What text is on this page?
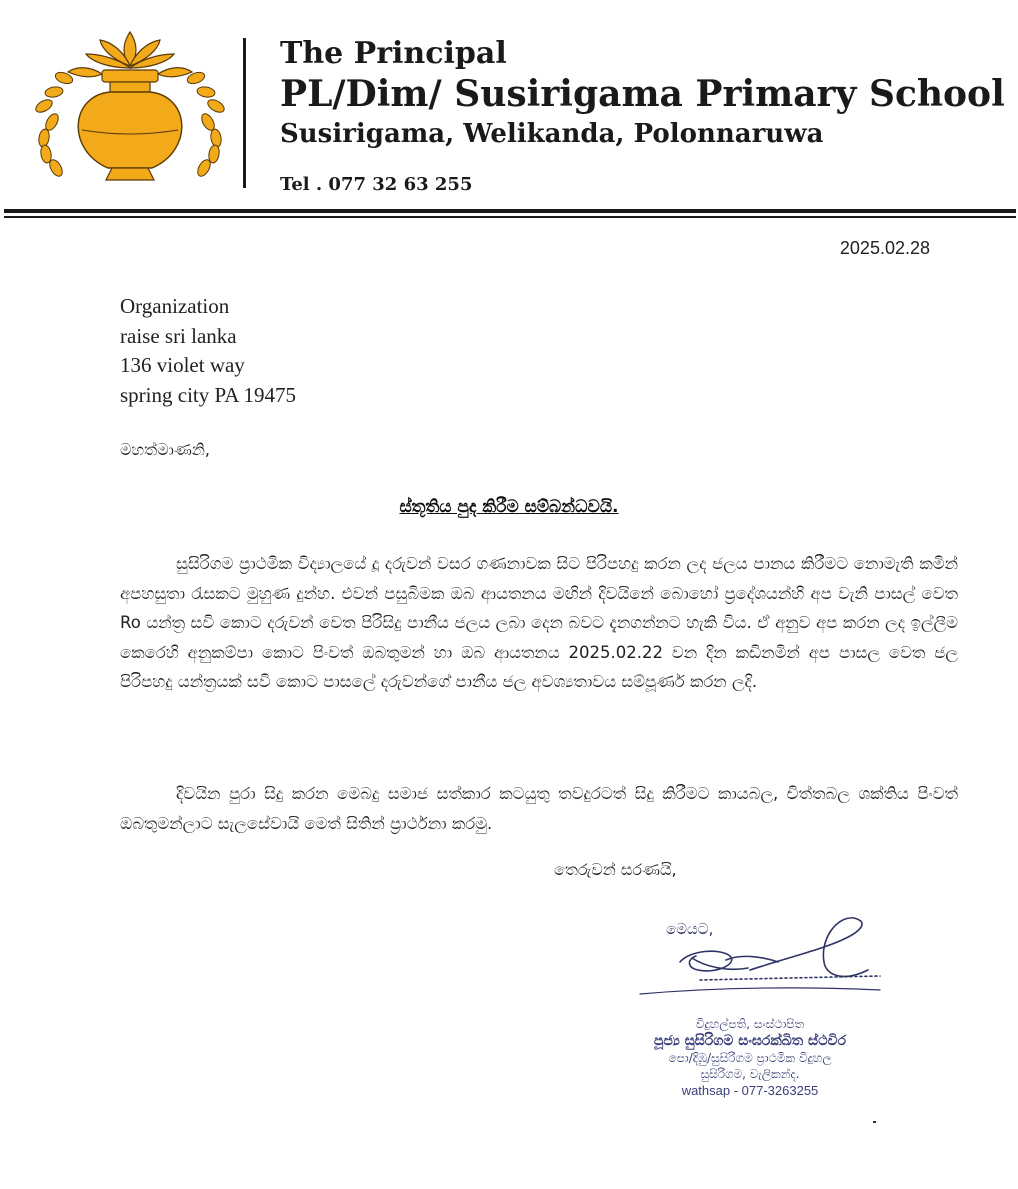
The Principal
PL/Dim/ Susirigama Primary School
Susirigama, Welikanda, Polonnaruwa
Tel . 077 32 63 255
2025.02.28
Organization
raise sri lanka
136 violet way
spring city PA 19475
මහත්මාණනි,
ස්තූතිය පුද කිරීම සම්බන්ධවයි.
සුසිරිගම ප්‍රාථමික විද්‍යාලයේ දූ දරුවන් වසර ගණනාවක සිට පිරිපහදු කරන ලද ජලය පානය කිරීමට නොමැති කමින් අපහසුතා රැසකට මුහුණ දුන්හ. එවන් පසුබිමක ඔබ ආයතනය මඟින් දිවයිනේ බොහෝ ප්‍රදේශයන්හි අප වැනි පාසල් වෙත Ro යන්ත්‍ර සවි කොට දරුවන් වෙත පිරිසිදු පානීය ජලය ලබා දෙන බවට දැනගන්නට හැකි විය. ඒ අනුව අප කරන ලද ඉල්ලීම කෙරෙහි අනුකම්පා කොට පිංවත් ඔබතුමන් හා ඔබ ආයතනය 2025.02.22 වන දින කඩිනමින් අප පාසල වෙත ජල පිරිපහදු යන්ත්‍රයක් සවි කොට පාසලේ දරුවන්ගේ පානීය ජල අවශ්‍යතාවය සම්පූර්ණ කරන ලදි.
දිවයින පුරා සිදු කරන මෙබදු සමාජ සත්කාර කටයුතු තවදුරටත් සිදු කිරීමට කායබල, චිත්තබල ශක්තිය පිංවත් ඔබතුමන්ලාට සැලසේවායි මෙත් සිතින් ප්‍රාර්ථනා කරමු.
තෙරුවන් සරණයි,
මෙයට,
විදුහල්පති, සංස්ථාපිත
පූජ්‍ය සුසිරිගම සංඝරක්ඛිත ස්ථවිර
පො/දිඹු/සුසිරිගම ප්‍රාථමික විදුහල
සුසිරිගම, වැලිකන්ද.
wathsap - 077-3263255
